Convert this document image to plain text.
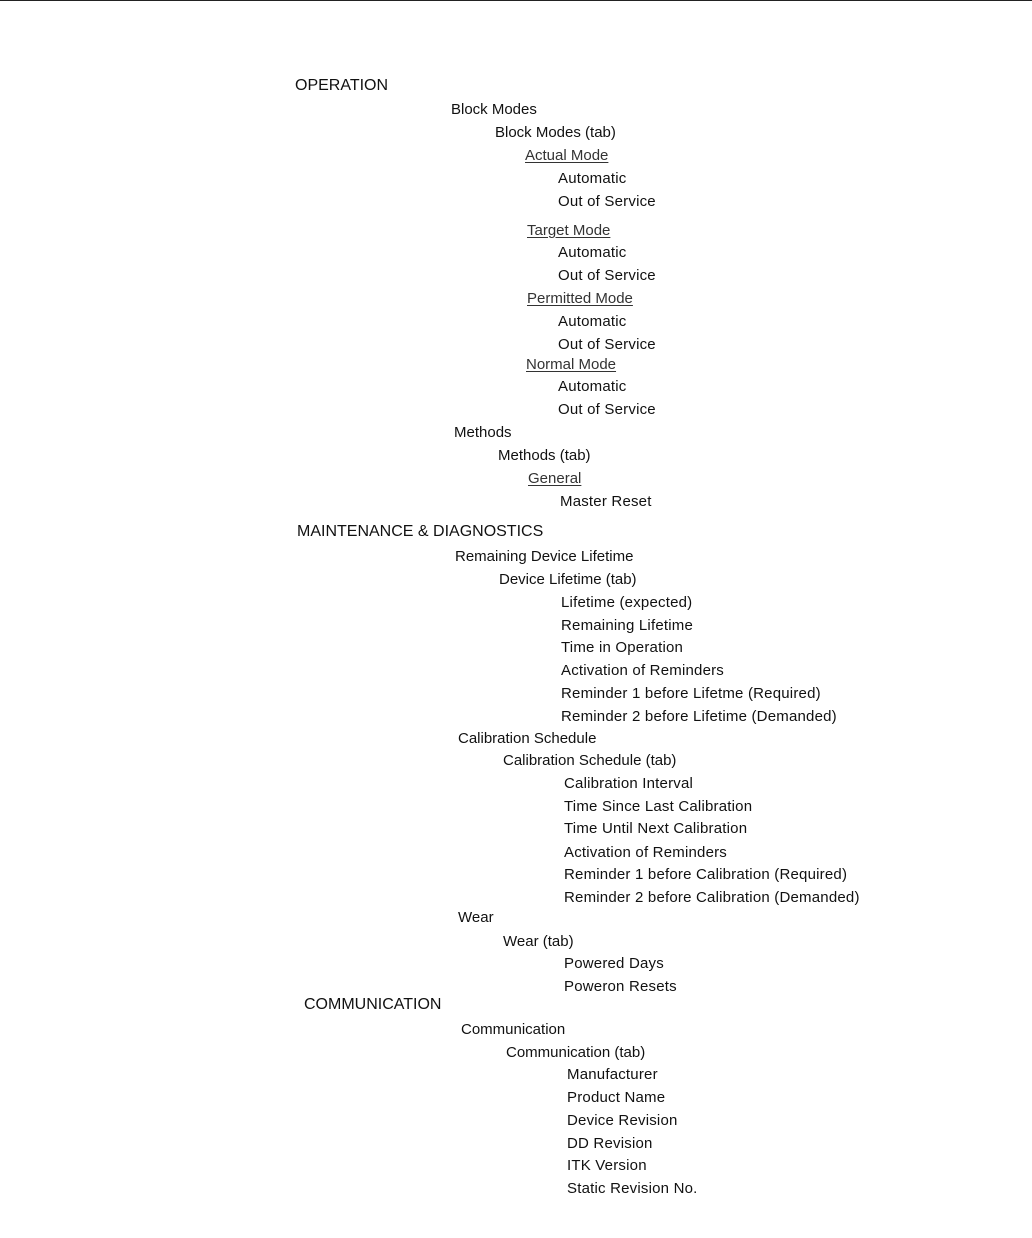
OPERATION
Block Modes
Block Modes (tab)
Actual Mode
Automatic
Out of Service
Target Mode
Automatic
Out of Service
Permitted Mode
Automatic
Out of Service
Normal Mode
Automatic
Out of Service
Methods
Methods (tab)
General
Master Reset
MAINTENANCE & DIAGNOSTICS
Remaining Device Lifetime
Device Lifetime (tab)
Lifetime (expected)
Remaining Lifetime
Time in Operation
Activation of Reminders
Reminder 1 before Lifetme (Required)
Reminder 2 before Lifetime (Demanded)
Calibration Schedule
Calibration Schedule (tab)
Calibration Interval
Time Since Last Calibration
Time Until Next Calibration
Activation of Reminders
Reminder 1 before Calibration (Required)
Reminder 2 before Calibration (Demanded)
Wear
Wear (tab)
Powered Days
Poweron Resets
COMMUNICATION
Communication
Communication (tab)
Manufacturer
Product Name
Device Revision
DD Revision
ITK Version
Static Revision No.
